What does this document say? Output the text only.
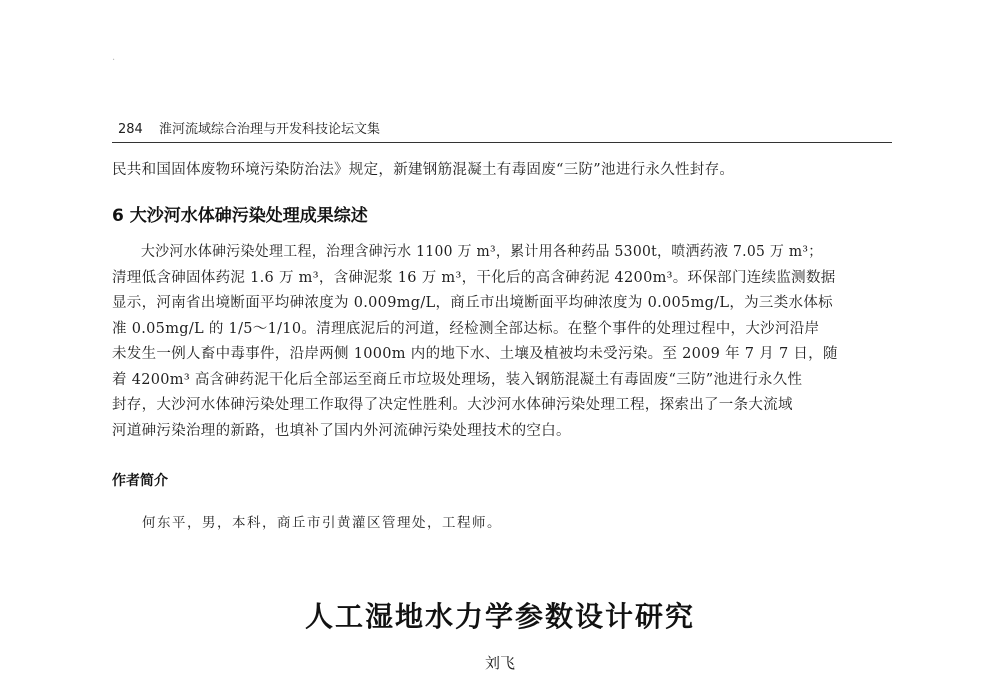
·
284 淮河流域综合治理与开发科技论坛文集
民共和国固体废物环境污染防治法》规定，新建钢筋混凝土有毒固废“三防”池进行永久性封存。
6 大沙河水体砷污染处理成果综述
大沙河水体砷污染处理工程，治理含砷污水 1100 万 m³，累计用各种药品 5300t，喷洒药液 7.05 万 m³；
清理低含砷固体药泥 1.6 万 m³，含砷泥浆 16 万 m³，干化后的高含砷药泥 4200m³。环保部门连续监测数据
显示，河南省出境断面平均砷浓度为 0.009mg/L，商丘市出境断面平均砷浓度为 0.005mg/L，为三类水体标
准 0.05mg/L 的 1/5～1/10。清理底泥后的河道，经检测全部达标。在整个事件的处理过程中，大沙河沿岸
未发生一例人畜中毒事件，沿岸两侧 1000m 内的地下水、土壤及植被均未受污染。至 2009 年 7 月 7 日，随
着 4200m³ 高含砷药泥干化后全部运至商丘市垃圾处理场，装入钢筋混凝土有毒固废“三防”池进行永久性
封存，大沙河水体砷污染处理工作取得了决定性胜利。大沙河水体砷污染处理工程，探索出了一条大流域
河道砷污染治理的新路，也填补了国内外河流砷污染处理技术的空白。
作者简介
何东平，男，本科，商丘市引黄灌区管理处，工程师。
人工湿地水力学参数设计研究
刘飞
